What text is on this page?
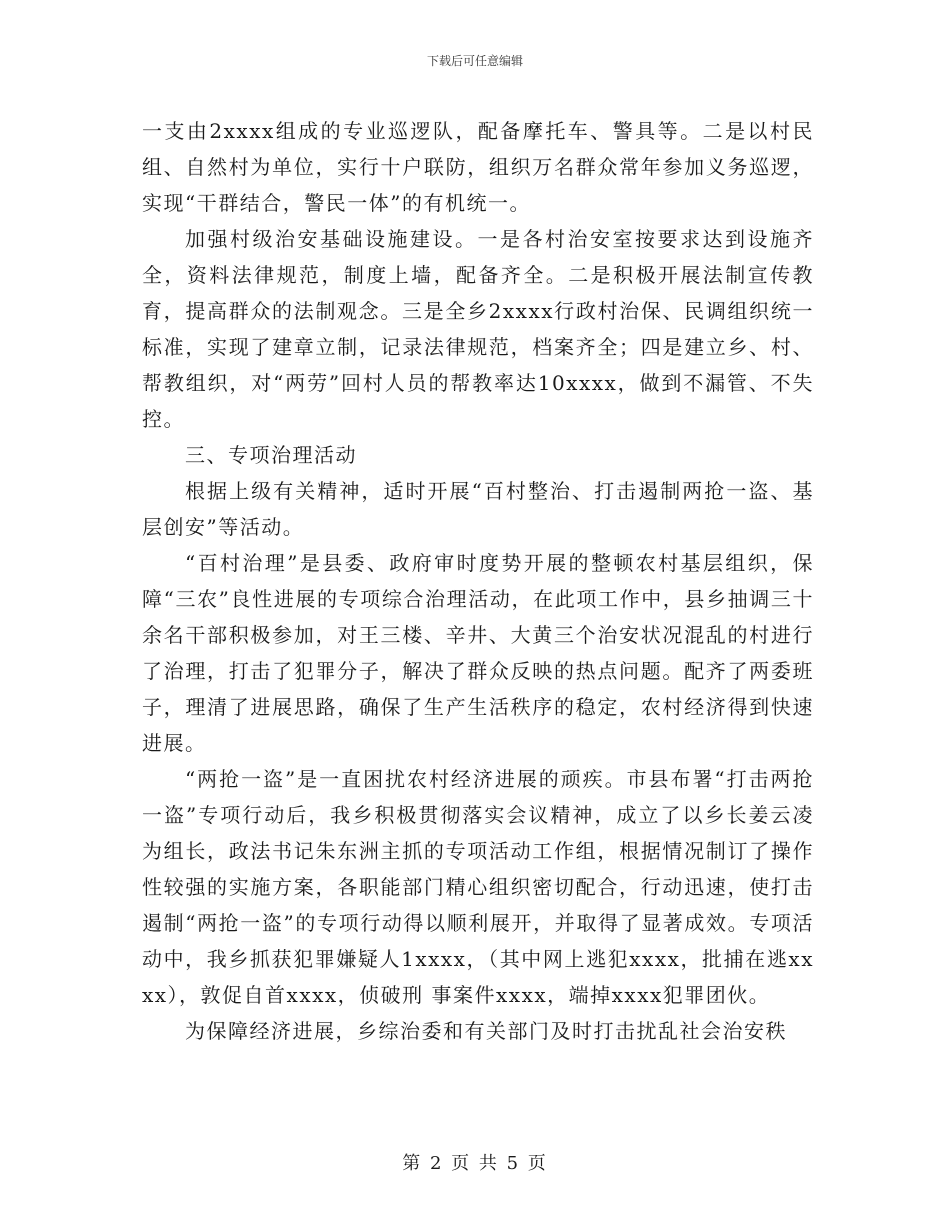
下载后可任意编辑

一支由2xxxx组成的专业巡逻队，配备摩托车、警具等。二是以村民组、自然村为单位，实行十户联防，组织万名群众常年参加义务巡逻，实现“干群结合，警民一体”的有机统一。

加强村级治安基础设施建设。一是各村治安室按要求达到设施齐全，资料法律规范，制度上墙，配备齐全。二是积极开展法制宣传教育，提高群众的法制观念。三是全乡2xxxx行政村治保、民调组织统一标准，实现了建章立制，记录法律规范，档案齐全；四是建立乡、村、帮教组织，对“两劳”回村人员的帮教率达10xxxx，做到不漏管、不失控。

三、专项治理活动

根据上级有关精神，适时开展“百村整治、打击遏制两抢一盗、基层创安”等活动。

“百村治理”是县委、政府审时度势开展的整顿农村基层组织，保障“三农”良性进展的专项综合治理活动，在此项工作中，县乡抽调三十余名干部积极参加，对王三楼、辛井、大黄三个治安状况混乱的村进行了治理，打击了犯罪分子，解决了群众反映的热点问题。配齐了两委班子，理清了进展思路，确保了生产生活秩序的稳定，农村经济得到快速进展。

“两抢一盗”是一直困扰农村经济进展的顽疾。市县布署“打击两抢一盗”专项行动后，我乡积极贯彻落实会议精神，成立了以乡长姜云凌为组长，政法书记朱东洲主抓的专项活动工作组，根据情况制订了操作性较强的实施方案，各职能部门精心组织密切配合，行动迅速，使打击遏制“两抢一盗”的专项行动得以顺利展开，并取得了显著成效。专项活动中，我乡抓获犯罪嫌疑人1xxxx，（其中网上逃犯xxxx，批捕在逃xxxx），敦促自首xxxx，侦破刑 事案件xxxx，端掉xxxx犯罪团伙。

为保障经济进展，乡综治委和有关部门及时打击扰乱社会治安秩

第 2 页 共 5 页
